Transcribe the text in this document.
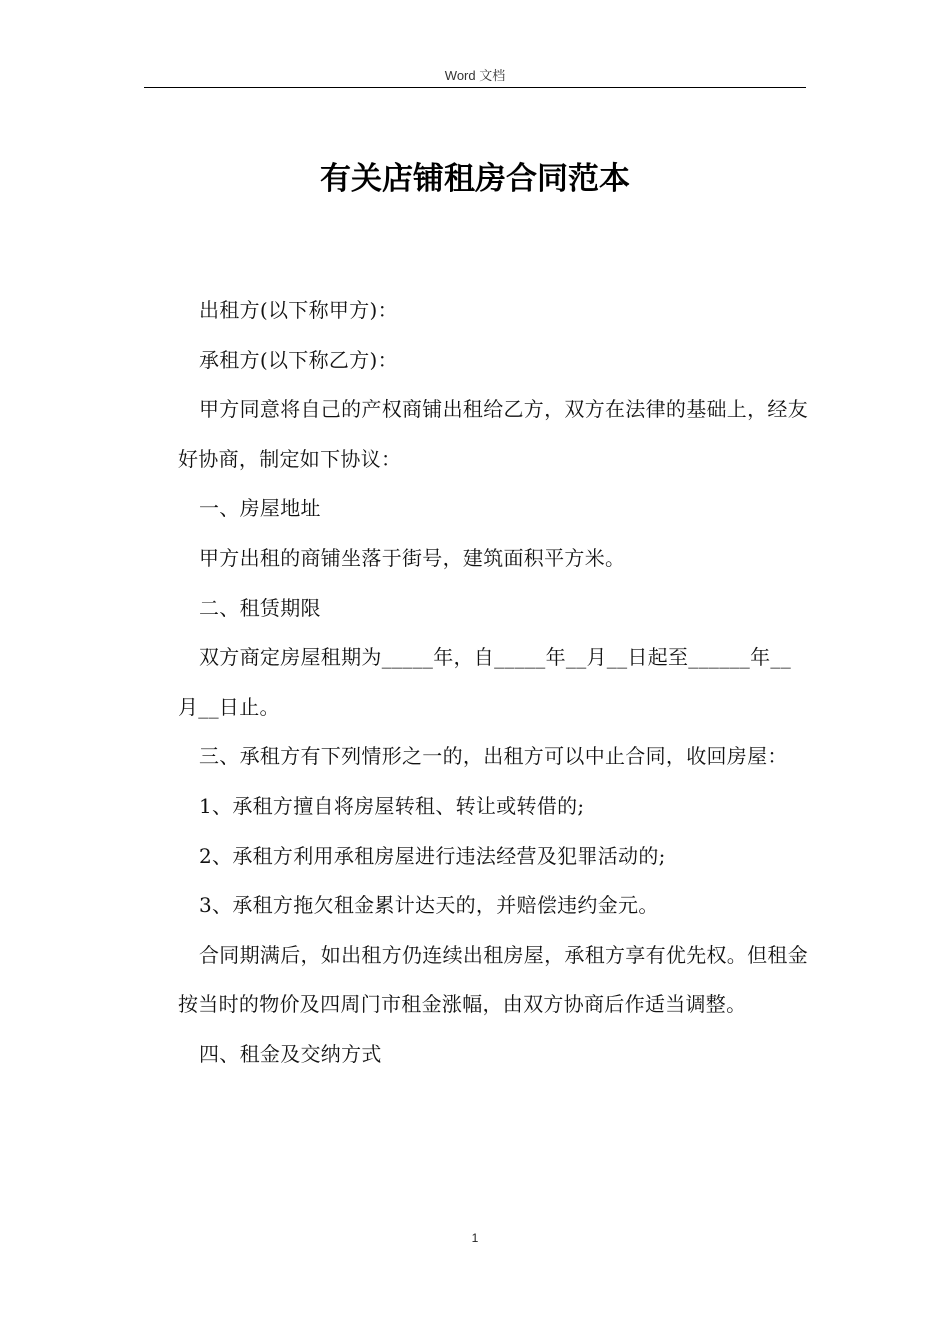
Word 文档
有关店铺租房合同范本

出租方(以下称甲方)：

承租方(以下称乙方)：

甲方同意将自己的产权商铺出租给乙方，双方在法律的基础上，经友好协商，制定如下协议：

一、房屋地址

甲方出租的商铺坐落于街号，建筑面积平方米。

二、租赁期限

双方商定房屋租期为_____年，自_____年__月__日起至______年__月__日止。

三、承租方有下列情形之一的，出租方可以中止合同，收回房屋：

1、承租方擅自将房屋转租、转让或转借的;

2、承租方利用承租房屋进行违法经营及犯罪活动的;

3、承租方拖欠租金累计达天的，并赔偿违约金元。

合同期满后，如出租方仍连续出租房屋，承租方享有优先权。但租金按当时的物价及四周门市租金涨幅，由双方协商后作适当调整。

四、租金及交纳方式

1
